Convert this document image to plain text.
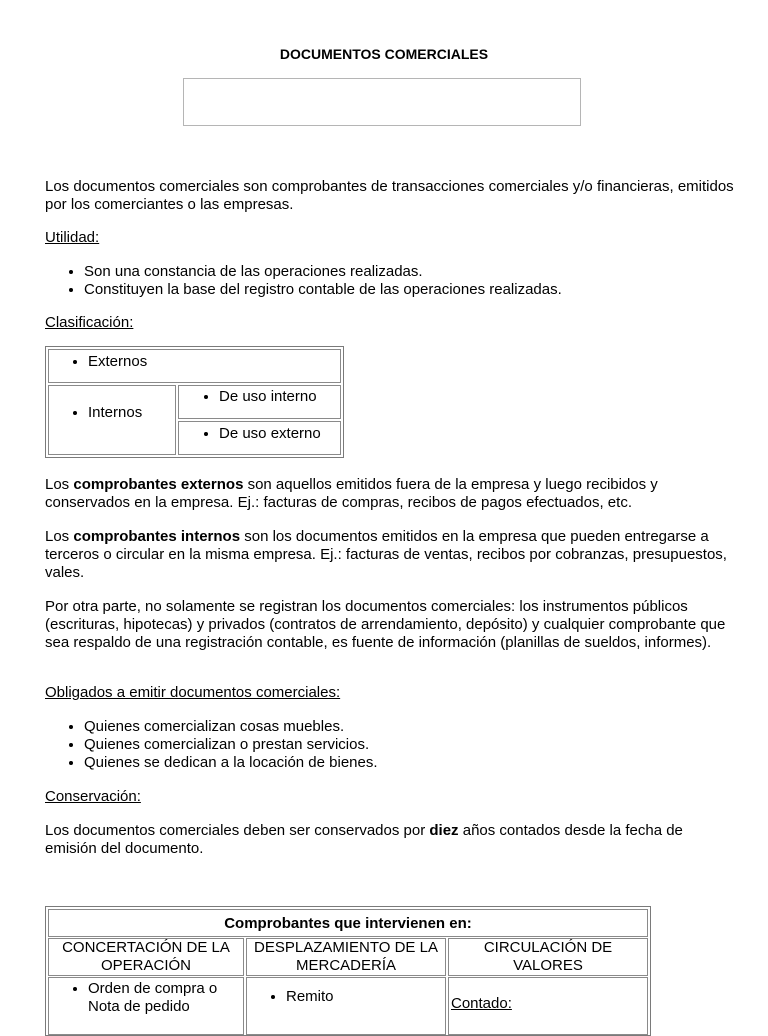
DOCUMENTOS COMERCIALES

Los documentos comerciales son comprobantes de transacciones comerciales y/o financieras, emitidos por los comerciantes o las empresas.

Utilidad:

• Son una constancia de las operaciones realizadas.
• Constituyen la base del registro contable de las operaciones realizadas.

Clasificación:

• Externos
• Internos
• De uso interno
• De uso externo

Los comprobantes externos son aquellos emitidos fuera de la empresa y luego recibidos y conservados en la empresa. Ej.: facturas de compras, recibos de pagos efectuados, etc.

Los comprobantes internos son los documentos emitidos en la empresa que pueden entregarse a terceros o circular en la misma empresa. Ej.: facturas de ventas, recibos por cobranzas, presupuestos, vales.

Por otra parte, no solamente se registran los documentos comerciales: los instrumentos públicos (escrituras, hipotecas) y privados (contratos de arrendamiento, depósito) y cualquier comprobante que sea respaldo de una registración contable, es fuente de información (planillas de sueldos, informes).

Obligados a emitir documentos comerciales:

• Quienes comercializan cosas muebles.
• Quienes comercializan o prestan servicios.
• Quienes se dedican a la locación de bienes.

Conservación:

Los documentos comerciales deben ser conservados por diez años contados desde la fecha de emisión del documento.

Comprobantes que intervienen en:
CONCERTACIÓN DE LA OPERACIÓN
DESPLAZAMIENTO DE LA MERCADERÍA
CIRCULACIÓN DE VALORES
• Orden de compra o Nota de pedido
• Remito	Contado:
